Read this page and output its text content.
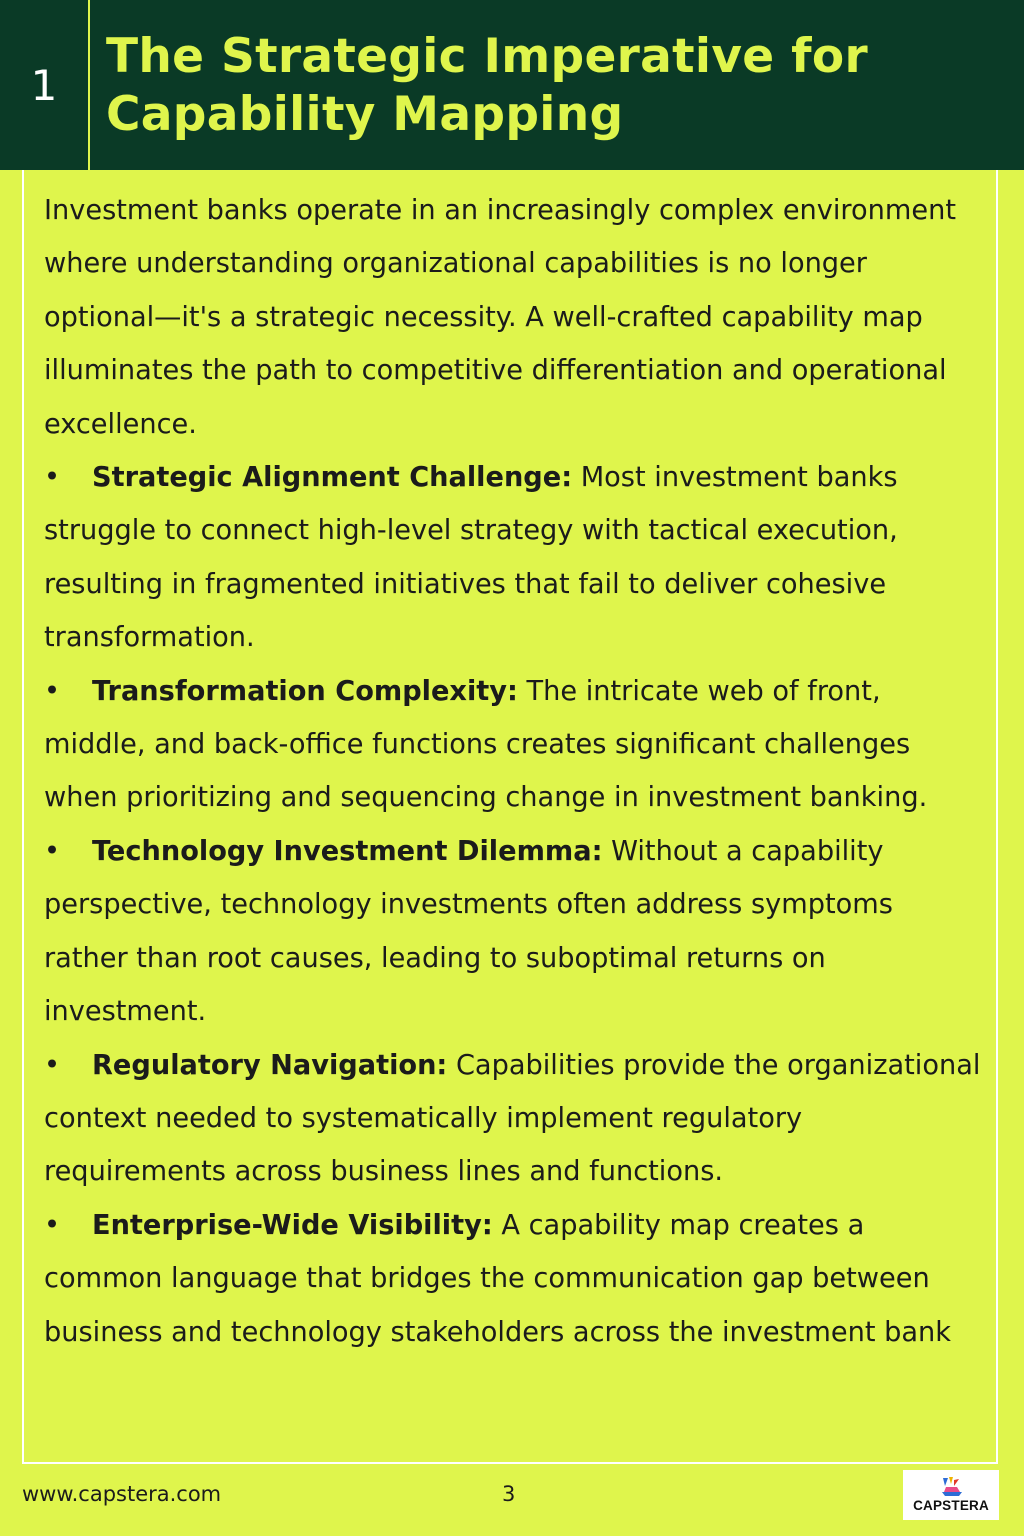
1
The Strategic Imperative for
Capability Mapping

Investment banks operate in an increasingly complex environment where understanding organizational capabilities is no longer optional—it's a strategic necessity. A well-crafted capability map illuminates the path to competitive differentiation and operational excellence.

• Strategic Alignment Challenge: Most investment banks struggle to connect high-level strategy with tactical execution, resulting in fragmented initiatives that fail to deliver cohesive transformation.

• Transformation Complexity: The intricate web of front, middle, and back-office functions creates significant challenges when prioritizing and sequencing change in investment banking.

• Technology Investment Dilemma: Without a capability perspective, technology investments often address symptoms rather than root causes, leading to suboptimal returns on investment.

• Regulatory Navigation: Capabilities provide the organizational context needed to systematically implement regulatory requirements across business lines and functions.

• Enterprise-Wide Visibility: A capability map creates a common language that bridges the communication gap between business and technology stakeholders across the investment bank

www.capstera.com	3	CAPSTERA
